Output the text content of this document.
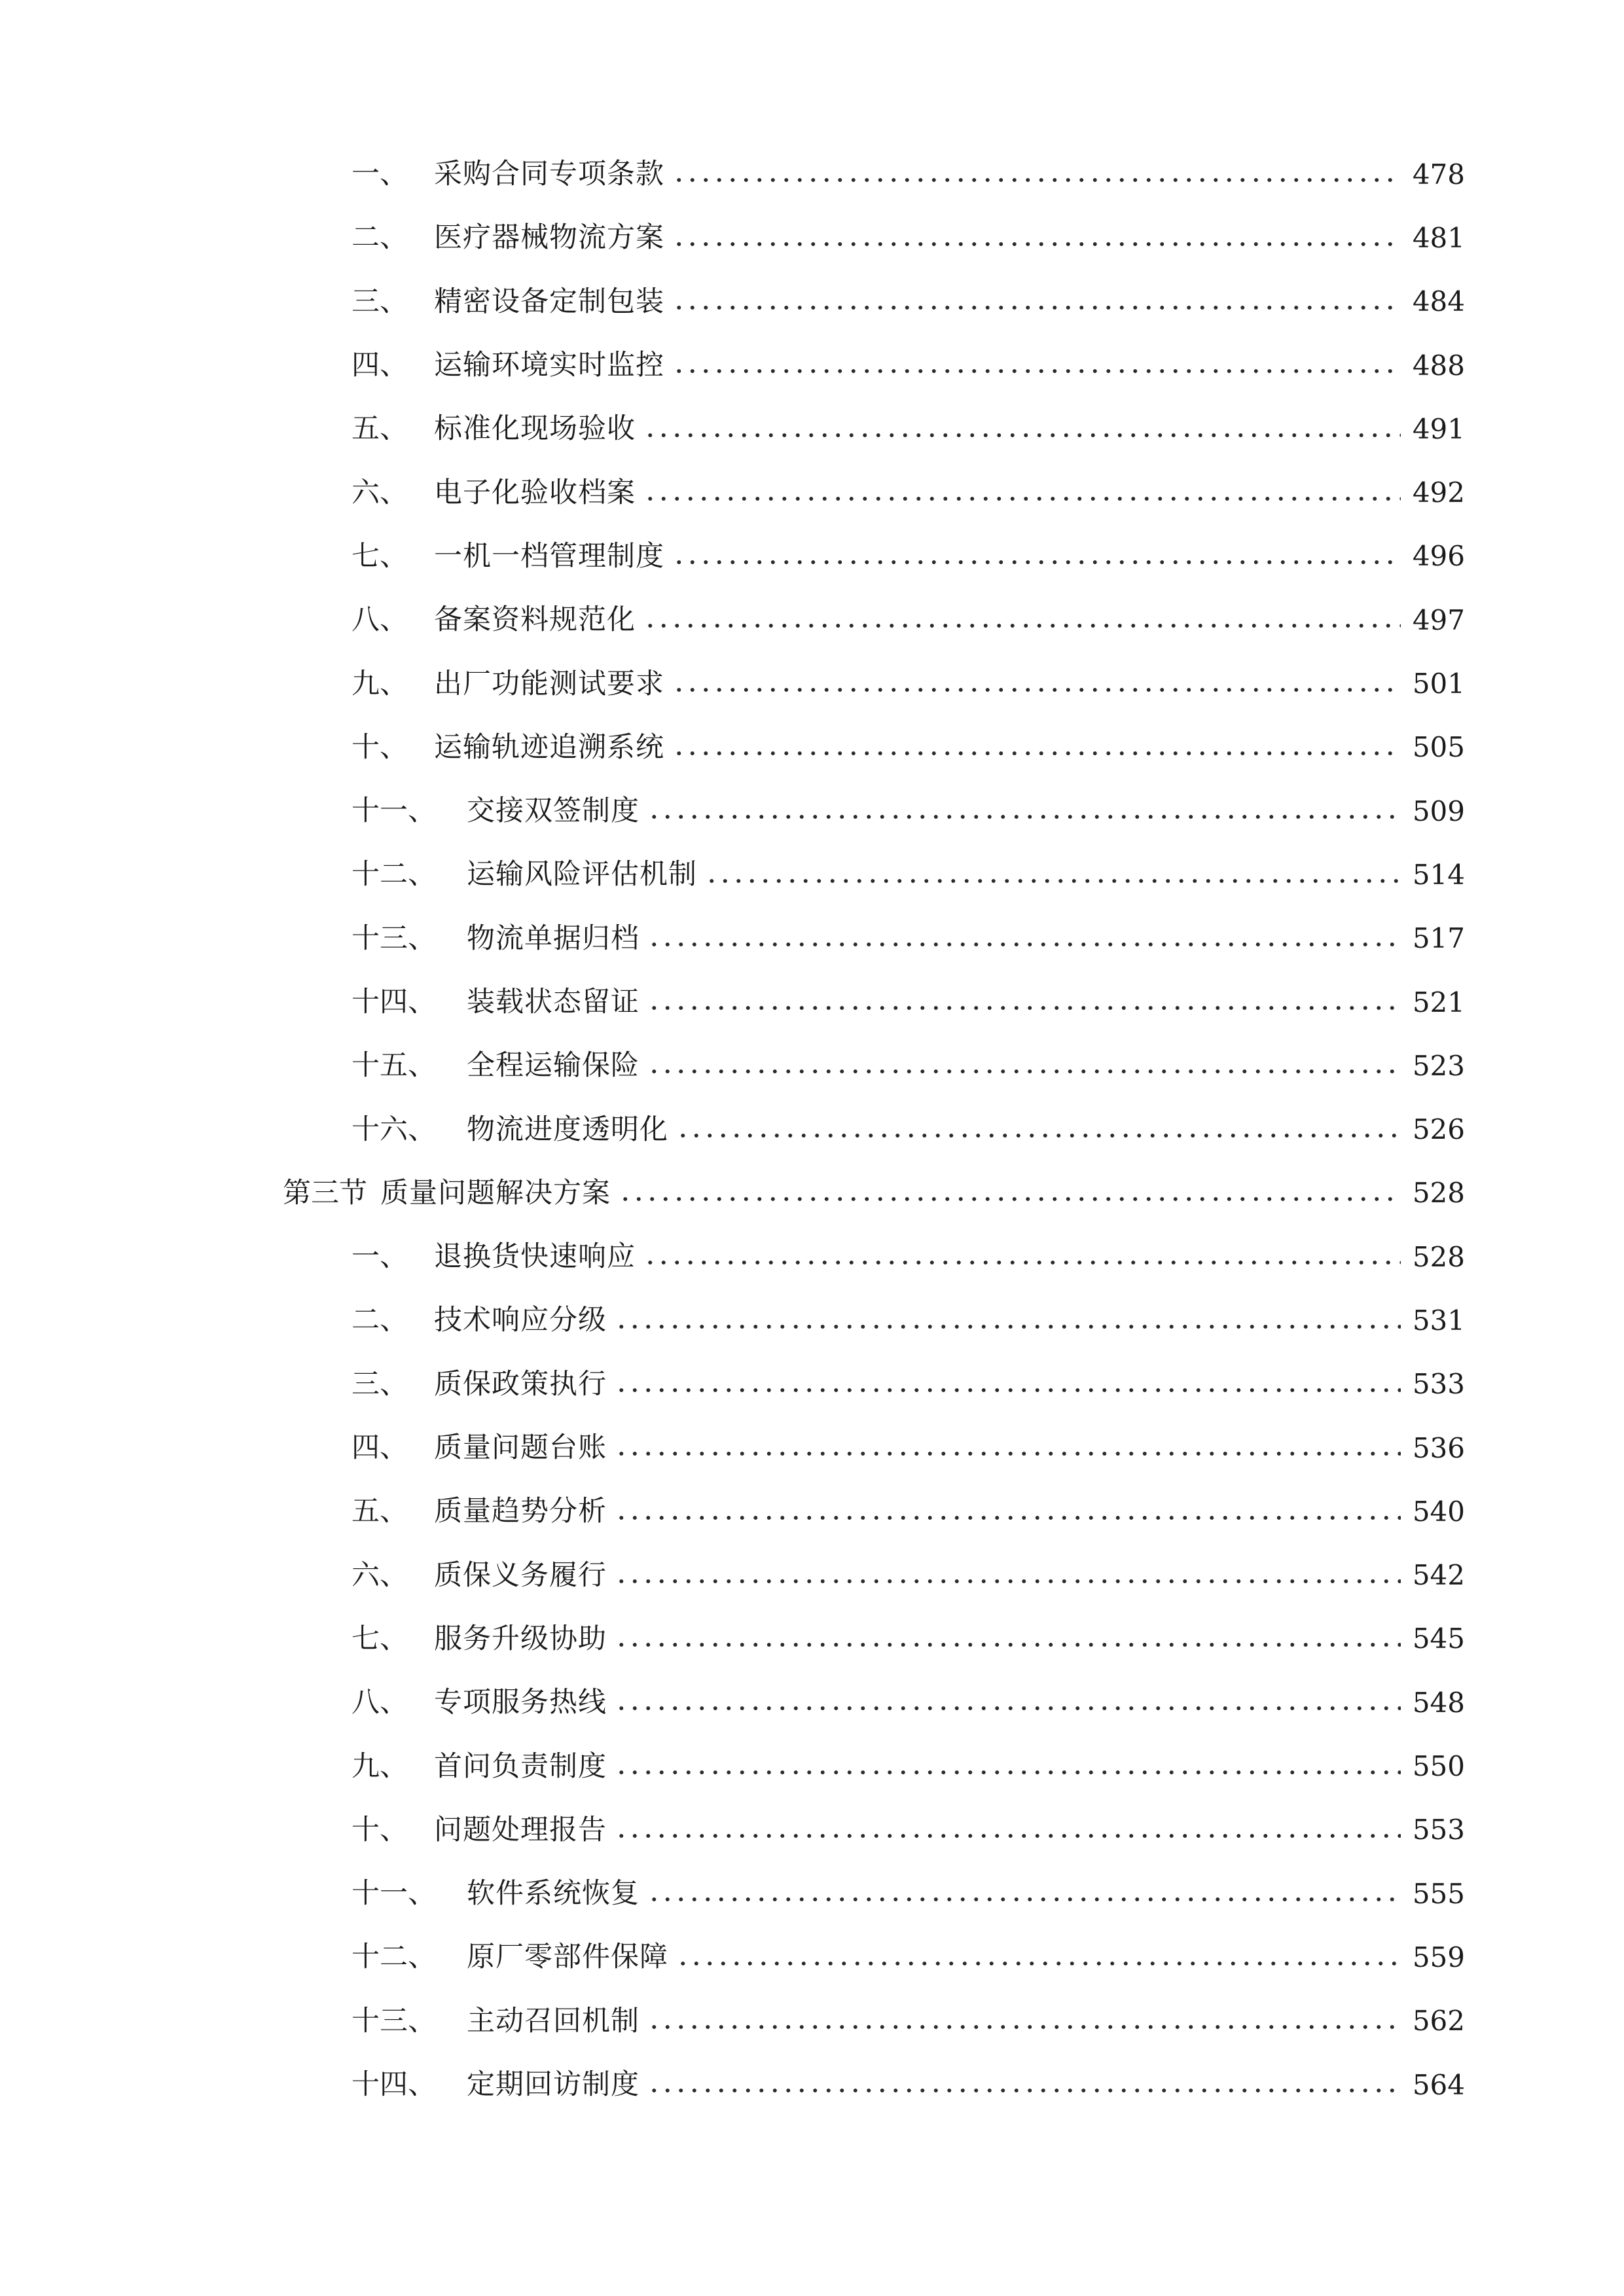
一、 采购合同专项条款	478
二、 医疗器械物流方案	481
三、 精密设备定制包装	484
四、 运输环境实时监控	488
五、 标准化现场验收	491
六、 电子化验收档案	492
七、 一机一档管理制度	496
八、 备案资料规范化	497
九、 出厂功能测试要求	501
十、 运输轨迹追溯系统	505
十一、	交接双签制度	509
十二、	运输风险评估机制	514
十三、	物流单据归档	517
十四、	装载状态留证	521
十五、	全程运输保险	523
十六、	物流进度透明化	526
第三节 质量问题解决方案	528
一、 退换货快速响应	528
二、 技术响应分级	531
三、 质保政策执行	533
四、 质量问题台账	536
五、 质量趋势分析	540
六、 质保义务履行	542
七、 服务升级协助	545
八、 专项服务热线	548
九、 首问负责制度	550
十、 问题处理报告	553
十一、	软件系统恢复	555
十二、	原厂零部件保障	559
十三、	主动召回机制	562
十四、	定期回访制度	564
